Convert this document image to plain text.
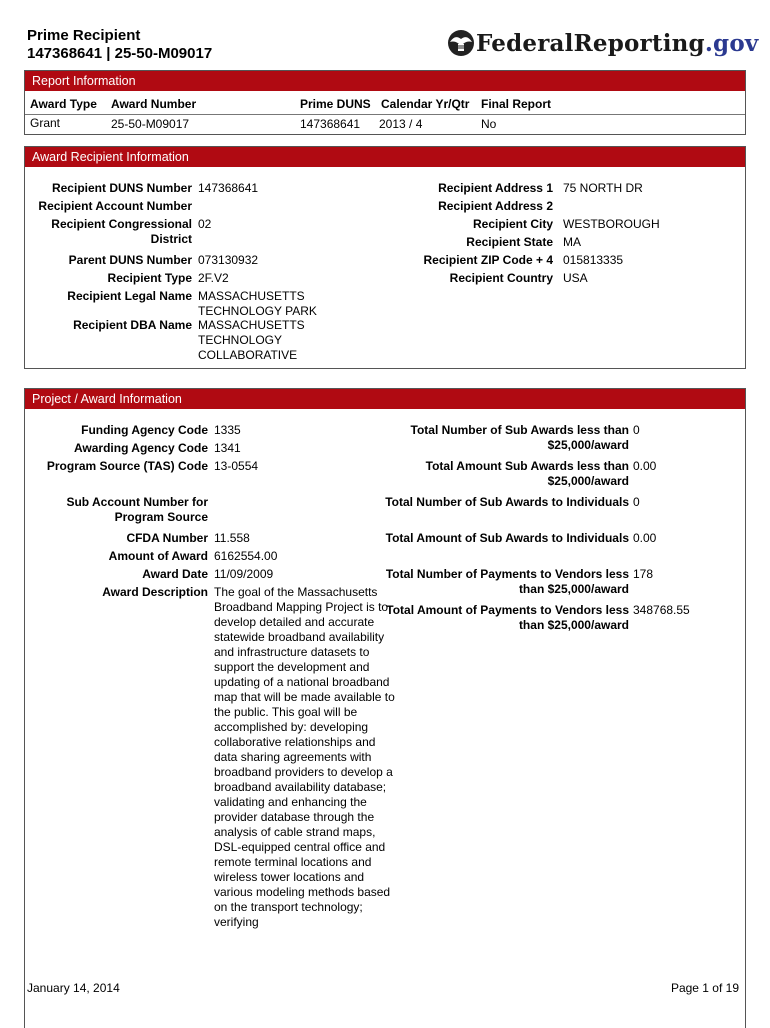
Prime Recipient
147368641 | 25-50-M09017	FederalReporting.gov
Report Information
Award Type Award Number	Prime DUNS Calendar Yr/Qtr Final Report
Grant	25-50-M09017	147368641 2013 / 4	No
Award Recipient Information
Recipient DUNS Number 147368641
Recipient Account Number
Recipient Congressional District
02
Parent DUNS Number 073130932
Recipient Type 2F.V2
Recipient Legal Name MASSACHUSETTS TECHNOLOGY PARK
Recipient DBA Name MASSACHUSETTS TECHNOLOGY COLLABORATIVE
Recipient Address 1 75 NORTH DR
Recipient Address 2
Recipient City WESTBOROUGH
Recipient State MA
Recipient ZIP Code + 4 015813335
Recipient Country USA
Project / Award Information
Funding Agency Code 1335
Awarding Agency Code 1341
Program Source (TAS) Code 13-0554
Sub Account Number for Program Source
CFDA Number 11.558
Amount of Award 6162554.00
Award Date 11/09/2009
Award Description The goal of the Massachusetts Broadband Mapping Project is to develop detailed and accurate statewide broadband availability and infrastructure datasets to support the development and updating of a national broadband map that will be made available to the public. This goal will be accomplished by: developing collaborative relationships and data sharing agreements with broadband providers to develop a broadband availability database; validating and enhancing the provider database through the analysis of cable strand maps, DSL-equipped central office and remote terminal locations and wireless tower locations and various modeling methods based on the transport technology; verifying
Total Number of Sub Awards less than $25,000/award
0
Total Amount Sub Awards less than $25,000/award
0.00
Total Number of Sub Awards to Individuals 0
Total Amount of Sub Awards to Individuals 0.00
Total Number of Payments to Vendors less than $25,000/award
178
Total Amount of Payments to Vendors less than $25,000/award
348768.55
January 14, 2014	Page 1 of 19
